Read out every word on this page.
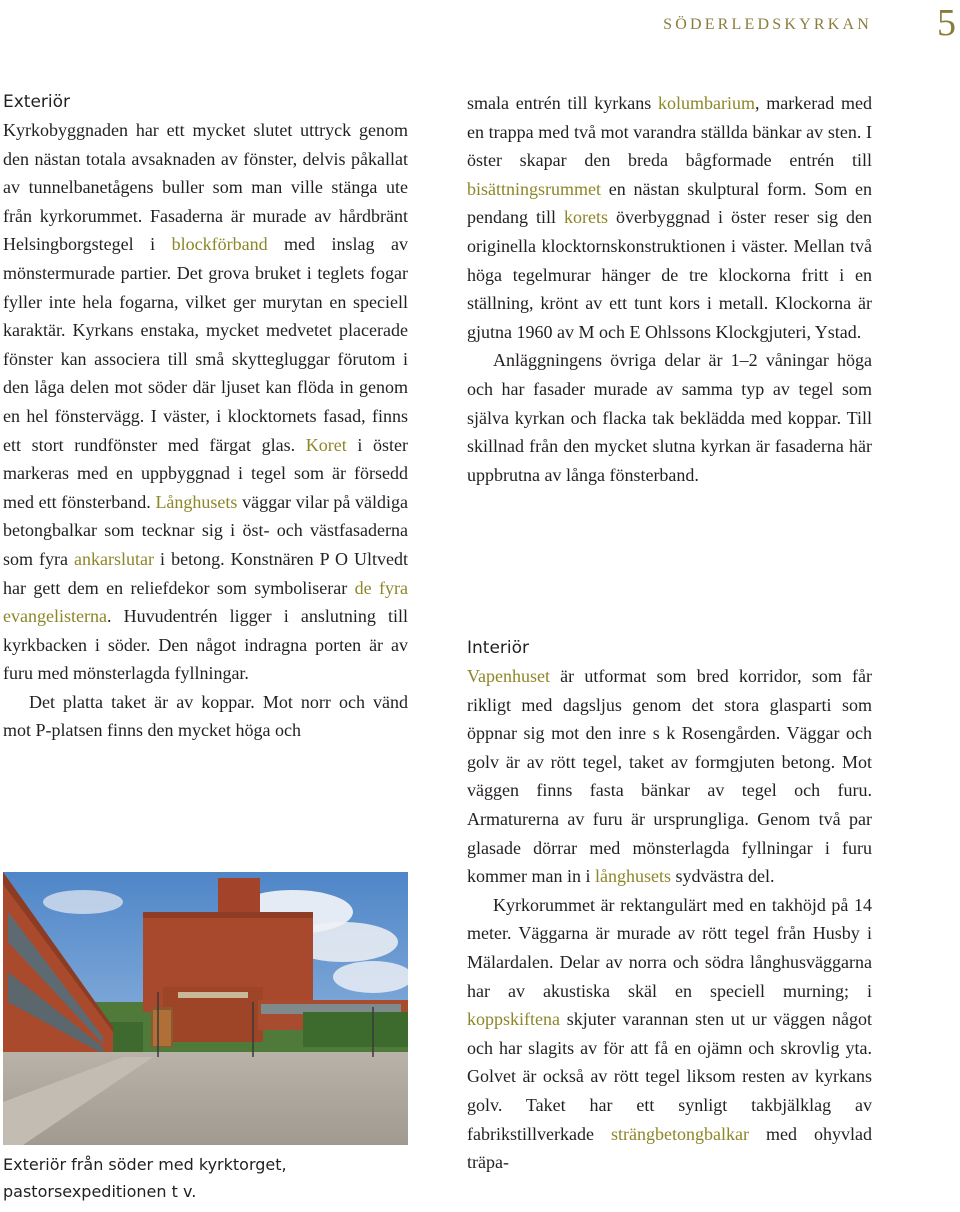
SÖDERLEDSKYRKAN 5
Exteriör

Kyrkobyggnaden har ett mycket slutet uttryck genom den nästan totala avsaknaden av fönster, delvis påkallat av tunnelbanetågens buller som man ville stänga ute från kyrkorummet. Fasaderna är murade av hårdbränt Helsingborgstegel i blockförband med inslag av mönstermurade partier. Det grova bruket i teglets fogar fyller inte hela fogarna, vilket ger murytan en speciell karaktär. Kyrkans enstaka, mycket medvetet placerade fönster kan associera till små skyttegluggar förutom i den låga delen mot söder där ljuset kan flöda in genom en hel fönstervägg. I väster, i klocktornets fasad, finns ett stort rundfönster med färgat glas. Koret i öster markeras med en uppbyggnad i tegel som är försedd med ett fönsterband. Långhusets väggar vilar på väldiga betongbalkar som tecknar sig i öst- och västfasaderna som fyra ankarslutar i betong. Konstnären P O Ultvedt har gett dem en reliefdekor som symboliserar de fyra evangelisterna. Huvudentrén ligger i anslutning till kyrkbacken i söder. Den något indragna porten är av furu med mönsterlagda fyllningar.

Det platta taket är av koppar. Mot norr och vänd mot P-platsen finns den mycket höga och

Exteriör från söder med kyrktorget, pastorsexpeditionen t v.

smala entrén till kyrkans kolumbarium, markerad med en trappa med två mot varandra ställda bänkar av sten. I öster skapar den breda bågformade entrén till bisättningsrummet en nästan skulptural form. Som en pendang till korets överbyggnad i öster reser sig den originella klocktornskonstruktionen i väster. Mellan två höga tegelmurar hänger de tre klockorna fritt i en ställning, krönt av ett tunt kors i metall. Klockorna är gjutna 1960 av M och E Ohlssons Klockgjuteri, Ystad.

Anläggningens övriga delar är 1–2 våningar höga och har fasader murade av samma typ av tegel som själva kyrkan och flacka tak beklädda med koppar. Till skillnad från den mycket slutna kyrkan är fasaderna här uppbrutna av långa fönsterband.

Interiör

Vapenhuset är utformat som bred korridor, som får rikligt med dagsljus genom det stora glasparti som öppnar sig mot den inre s k Rosengården. Väggar och golv är av rött tegel, taket av formgjuten betong. Mot väggen finns fasta bänkar av tegel och furu. Armaturerna av furu är ursprungliga. Genom två par glasade dörrar med mönsterlagda fyllningar i furu kommer man in i långhusets sydvästra del.

Kyrkorummet är rektangulärt med en takhöjd på 14 meter. Väggarna är murade av rött tegel från Husby i Mälardalen. Delar av norra och södra långhusväggarna har av akustiska skäl en speciell murning; i koppskiftena skjuter varannan sten ut ur väggen något och har slagits av för att få en ojämn och skrovlig yta. Golvet är också av rött tegel liksom resten av kyrkans golv. Taket har ett synligt takbjälklag av fabrikstillverkade strängbetongbalkar med ohyvlad träpa-
